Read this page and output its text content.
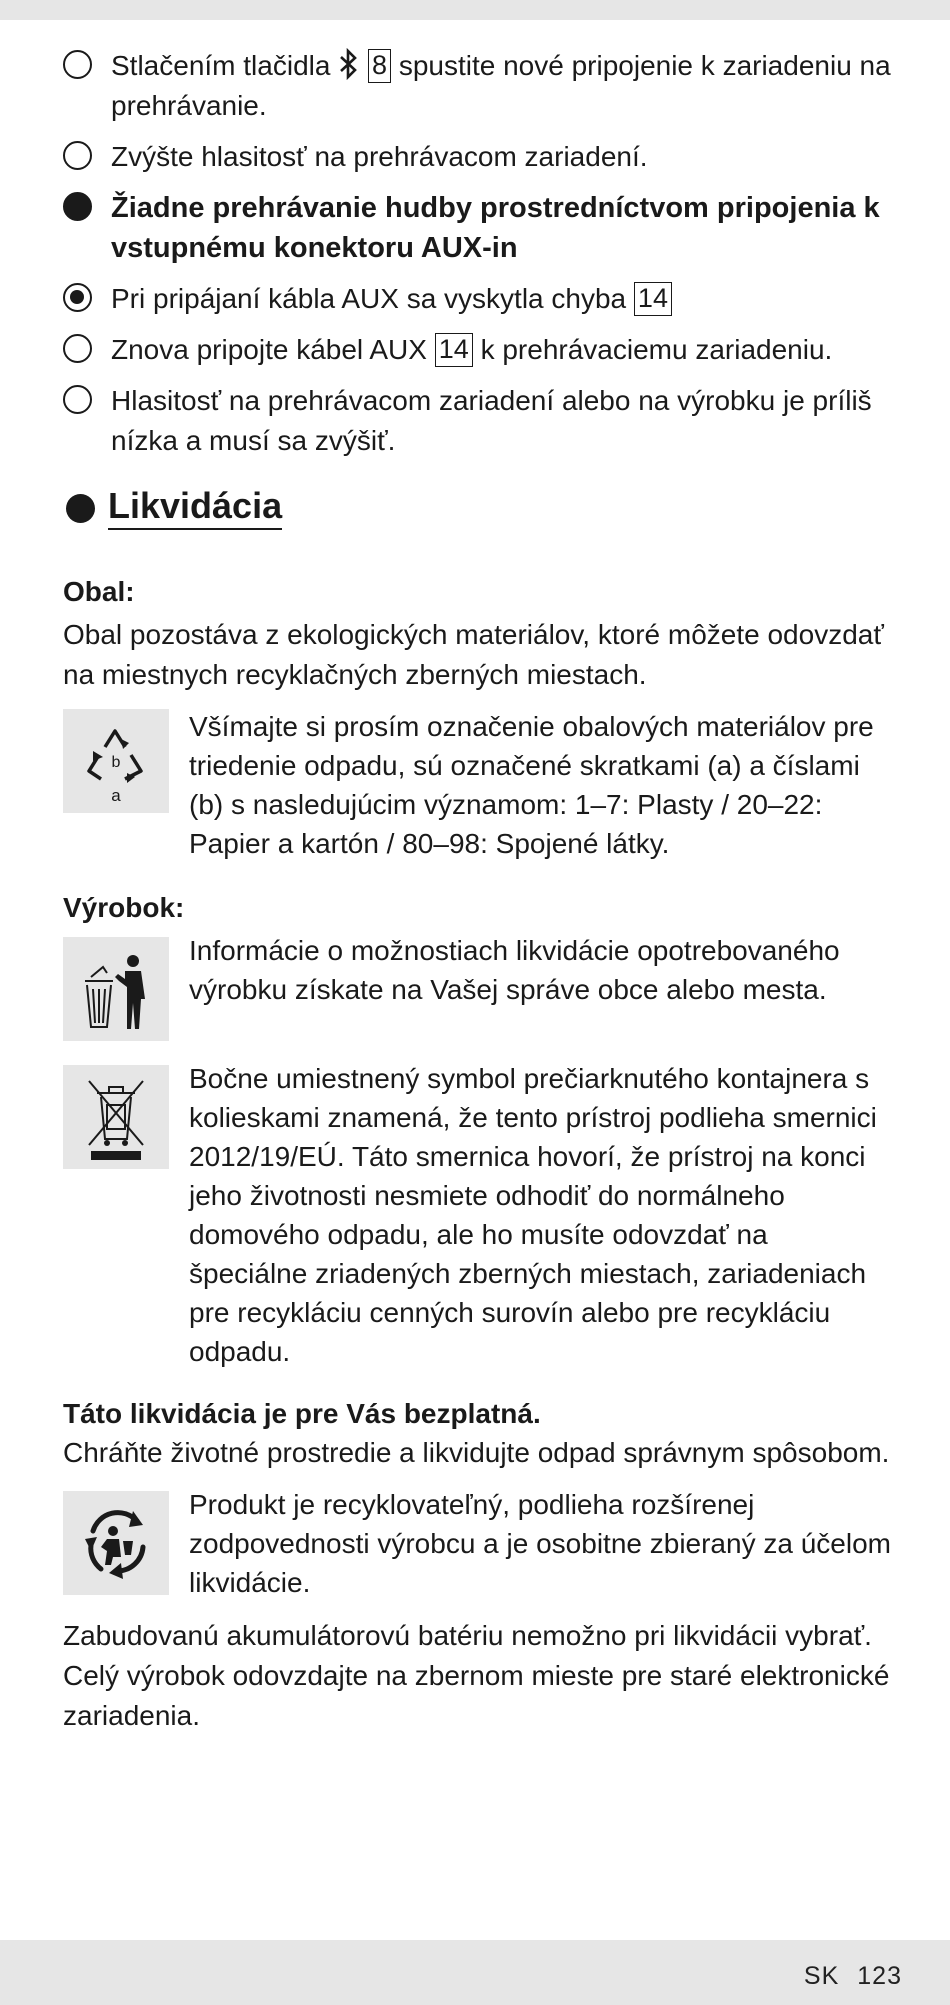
Stlačením tlačidla 8 spustite nové pripojenie k zariadeniu na prehrávanie.
Zvýšte hlasitosť na prehrávacom zariadení.
Žiadne prehrávanie hudby prostredníctvom pripojenia k vstupnému konektoru AUX-in
Pri pripájaní kábla AUX sa vyskytla chyba 14
Znova pripojte kábel AUX 14 k prehrávaciemu zariadeniu.
Hlasitosť na prehrávacom zariadení alebo na výrobku je príliš nízka a musí sa zvýšiť.
Likvidácia
Obal:
Obal pozostáva z ekologických materiálov, ktoré môžete odovzdať na miestnych recyklačných zberných miestach.
b
a
Všímajte si prosím označenie obalových materiálov pre triedenie odpadu, sú označené skratkami (a) a číslami (b) s nasledujúcim významom: 1–7: Plasty / 20–22: Papier a kartón / 80–98: Spojené látky.
Výrobok:
Informácie o možnostiach likvidácie opotrebovaného výrobku získate na Vašej správe obce alebo mesta.
Bočne umiestnený symbol prečiarknutého kontajnera s kolieskami znamená, že tento prístroj podlieha smernici 2012/19/EÚ. Táto smernica hovorí, že prístroj na konci jeho životnosti nesmiete odhodiť do normálneho domového odpadu, ale ho musíte odovzdať na špeciálne zriadených zberných miestach, zariadeniach pre recykláciu cenných surovín alebo pre recykláciu odpadu.
Táto likvidácia je pre Vás bezplatná.
Chráňte životné prostredie a likvidujte odpad správnym spôsobom.
Produkt je recyklovateľný, podlieha rozšírenej zodpovednosti výrobcu a je osobitne zbieraný za účelom likvidácie.
Zabudovanú akumulátorovú batériu nemožno pri likvidácii vybrať. Celý výrobok odovzdajte na zbernom mieste pre staré elektronické zariadenia.
SK 123
